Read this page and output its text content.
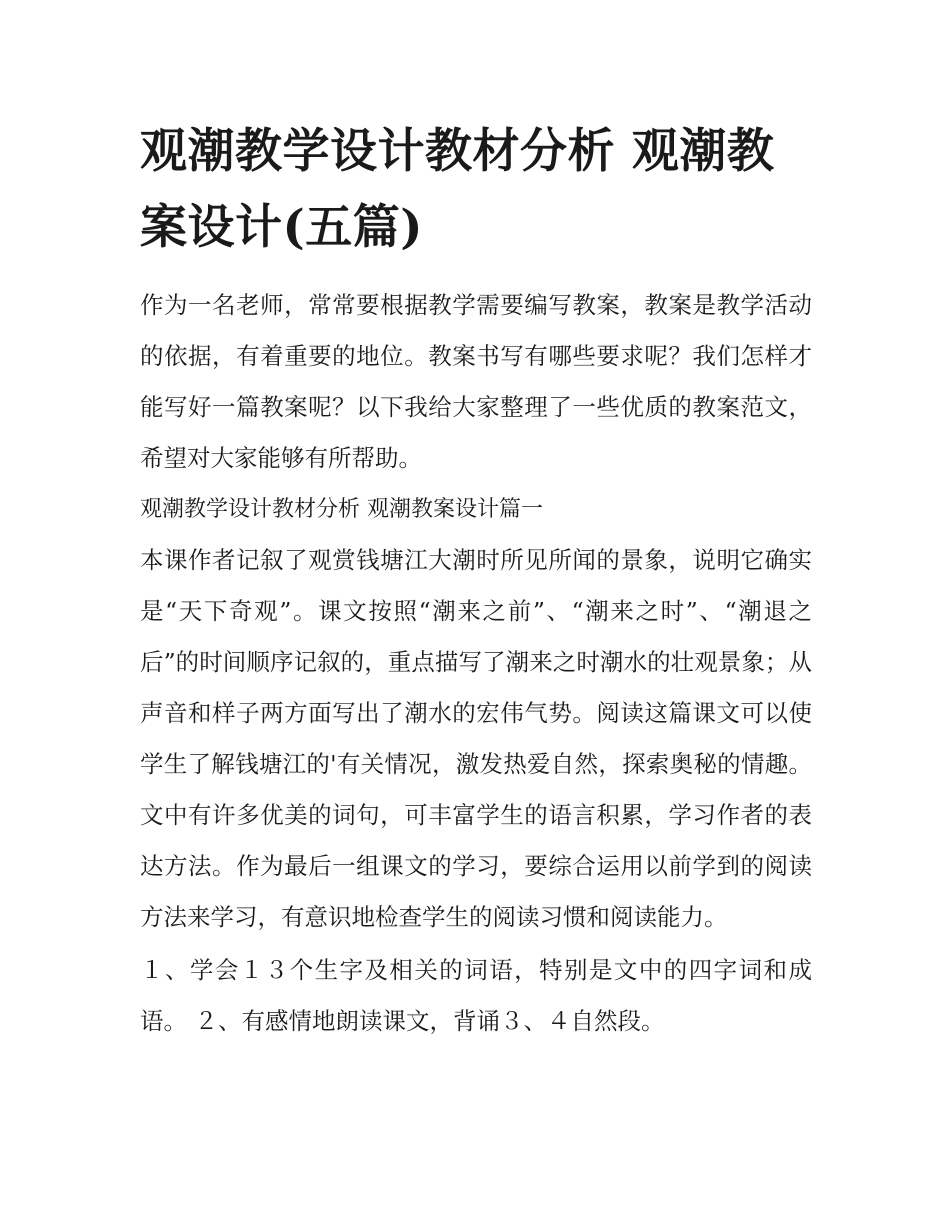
观潮教学设计教材分析 观潮教案设计(五篇)

作为一名老师，常常要根据教学需要编写教案，教案是教学活动的依据，有着重要的地位。教案书写有哪些要求呢？我们怎样才能写好一篇教案呢？以下我给大家整理了一些优质的教案范文，希望对大家能够有所帮助。

观潮教学设计教材分析 观潮教案设计篇一

本课作者记叙了观赏钱塘江大潮时所见所闻的景象，说明它确实是“天下奇观”。课文按照“潮来之前”、“潮来之时”、“潮退之后”的时间顺序记叙的，重点描写了潮来之时潮水的壮观景象；从声音和样子两方面写出了潮水的宏伟气势。阅读这篇课文可以使学生了解钱塘江的'有关情况，激发热爱自然，探索奥秘的情趣。文中有许多优美的词句，可丰富学生的语言积累，学习作者的表达方法。作为最后一组课文的学习，要综合运用以前学到的阅读方法来学习，有意识地检查学生的阅读习惯和阅读能力。

１、学会１３个生字及相关的词语，特别是文中的四字词和成语。 ２、有感情地朗读课文，背诵３、４自然段。
